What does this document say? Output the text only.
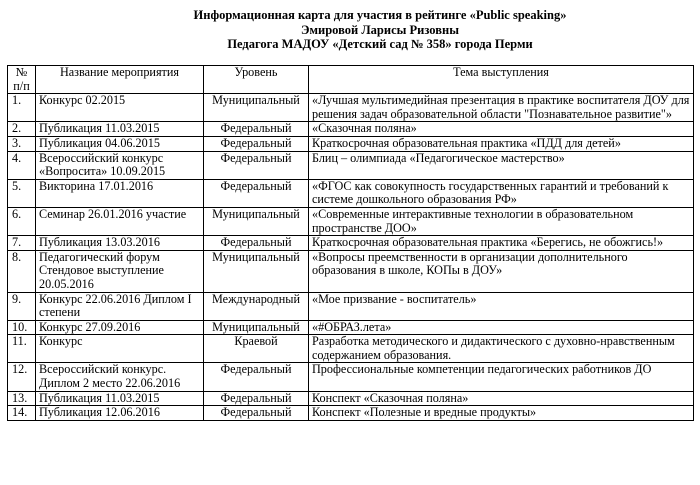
Информационная карта для участия в рейтинге «Public speaking»
Эмировой Ларисы Ризовны
Педагога МАДОУ «Детский сад № 358» города Перми
№ п/п	Название мероприятия	Уровень	Тема выступления
1.	Конкурс 02.2015	Муниципальный	«Лучшая мультимедийная презентация в практике воспитателя ДОУ для решения задач образовательной области "Познавательное развитие"»
2.	Публикация 11.03.2015	Федеральный	«Сказочная поляна»
3.	Публикация 04.06.2015	Федеральный	Краткосрочная образовательная практика «ПДД для детей»
4.	Всероссийский конкурс «Вопросита» 10.09.2015	Федеральный	Блиц – олимпиада «Педагогическое мастерство»
5.	Викторина 17.01.2016	Федеральный	«ФГОС как совокупность государственных гарантий и требований к системе дошкольного образования РФ»
6.	Семинар 26.01.2016 участие	Муниципальный	«Современные интерактивные технологии в образовательном пространстве ДОО»
7.	Публикация 13.03.2016	Федеральный	Краткосрочная образовательная практика «Берегись, не обожгись!»
8.	Педагогический форум Стендовое выступление 20.05.2016	Муниципальный	«Вопросы преемственности в организации дополнительного образования в школе, КОПы в ДОУ»
9.	Конкурс 22.06.2016 Диплом I степени	Международный	«Мое призвание - воспитатель»
10.	Конкурс 27.09.2016	Муниципальный	«#ОБРАЗ.лета»
11.	Конкурс	Краевой	Разработка методического и дидактического с духовно-нравственным содержанием образования.
12.	Всероссийский конкурс. Диплом 2 место 22.06.2016	Федеральный	Профессиональные компетенции педагогических работников ДО
13.	Публикация 11.03.2015	Федеральный	Конспект «Сказочная поляна»
14.	Публикация 12.06.2016	Федеральный	Конспект «Полезные и вредные продукты»
